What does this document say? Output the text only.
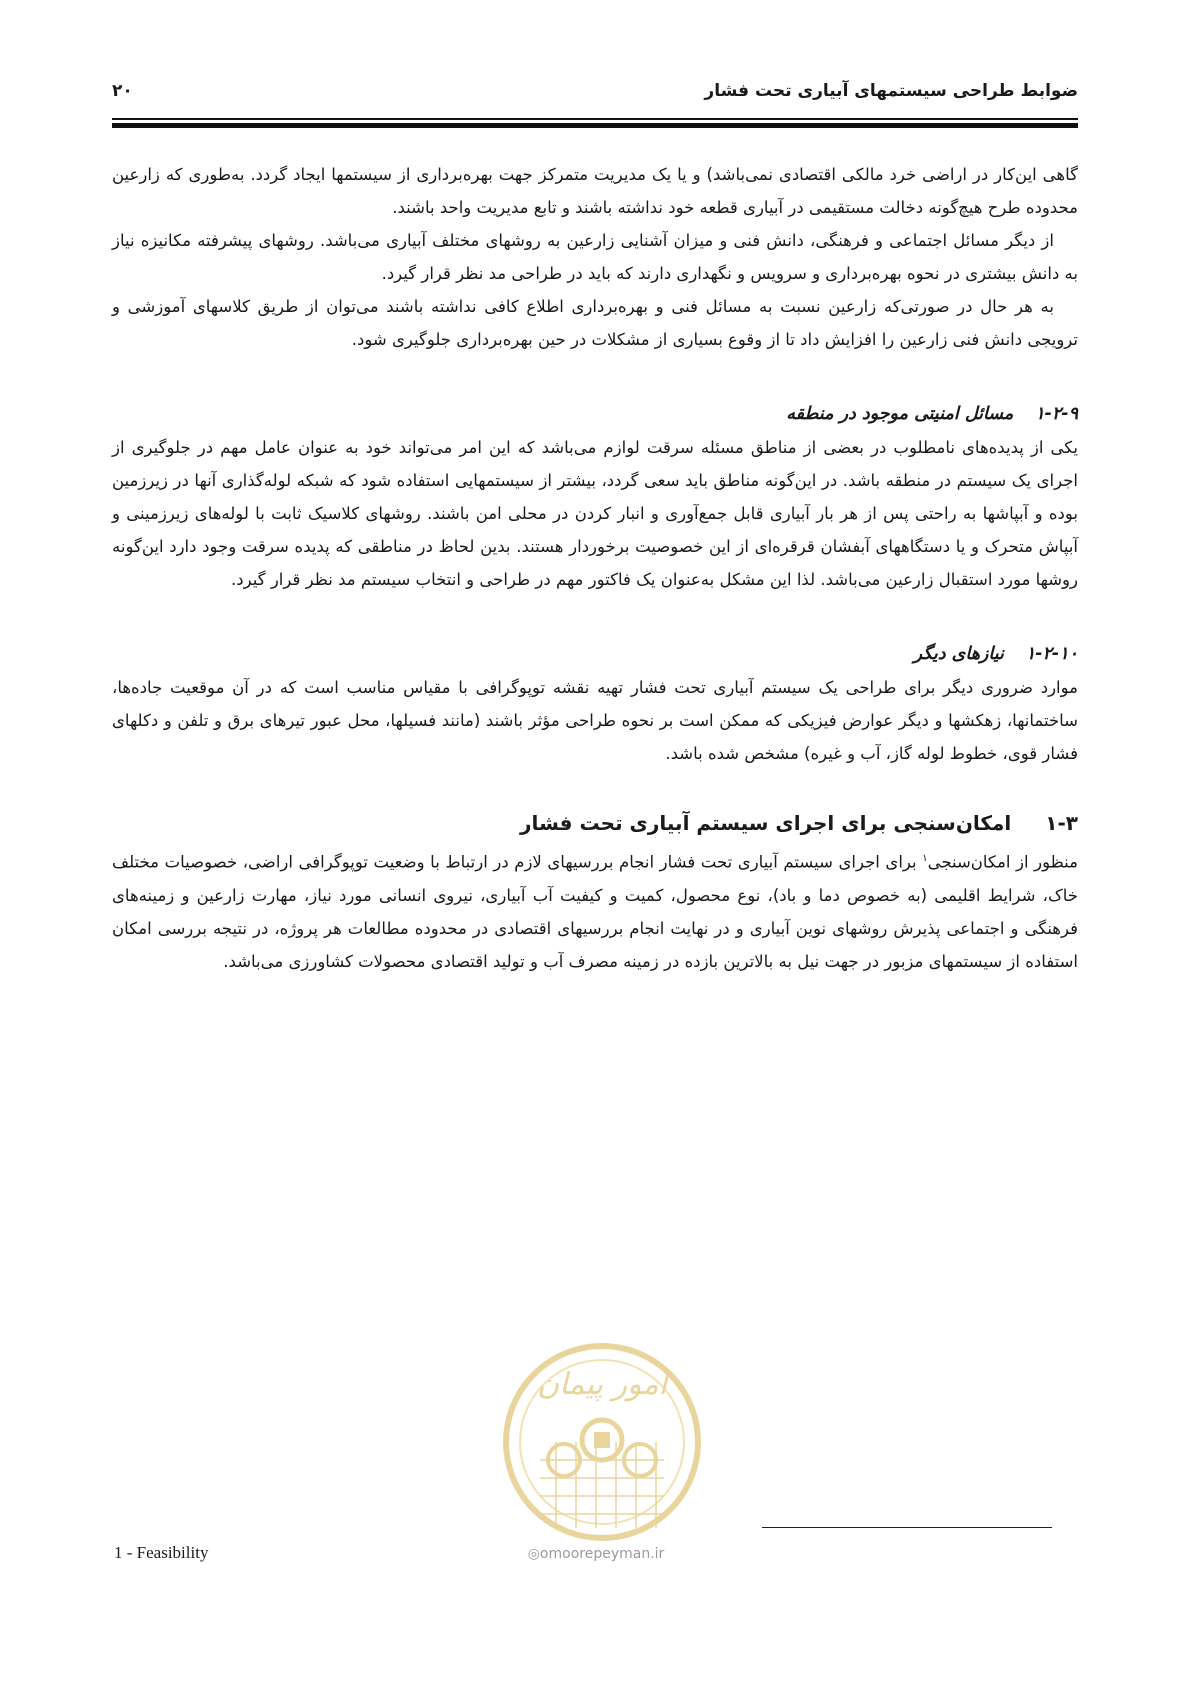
ضوابط طراحی سیستمهای آبیاری تحت فشار
۲۰

گاهی این‌کار در اراضی خرد مالکی اقتصادی نمی‌باشد) و یا یک مدیریت متمرکز جهت بهره‌برداری از سیستمها ایجاد گردد. به‌طوری که زارعین محدوده طرح هیچ‌گونه دخالت مستقیمی در آبیاری قطعه خود نداشته باشند و تابع مدیریت واحد باشند.

از دیگر مسائل اجتماعی و فرهنگی، دانش فنی و میزان آشنایی زارعین به روشهای مختلف آبیاری می‌باشد. روشهای پیشرفته مکانیزه نیاز به دانش بیشتری در نحوه بهره‌برداری و سرویس و نگهداری دارند که باید در طراحی مد نظر قرار گیرد.

به هر حال در صورتی‌که زارعین نسبت به مسائل فنی و بهره‌برداری اطلاع کافی نداشته باشند می‌توان از طریق کلاسهای آموزشی و ترویجی دانش فنی زارعین را افزایش داد تا از وقوع بسیاری از مشکلات در حین بهره‌برداری جلوگیری شود.

۱-۲-۹مسائل امنیتی موجود در منطقه

یکی از پدیده‌های نامطلوب در بعضی از مناطق مسئله سرقت لوازم می‌باشد که این امر می‌تواند خود به عنوان عامل مهم در جلوگیری از اجرای یک سیستم در منطقه باشد. در این‌گونه مناطق باید سعی گردد، بیشتر از سیستمهایی استفاده شود که شبکه لوله‌گذاری آنها در زیرزمین بوده و آبپاشها به راحتی پس از هر بار آبیاری قابل جمع‌آوری و انبار کردن در محلی امن باشند. روشهای کلاسیک ثابت با لوله‌های زیرزمینی و آبپاش متحرک و یا دستگاههای آبفشان قرقره‌ای از این خصوصیت برخوردار هستند. بدین لحاظ در مناطقی که پدیده سرقت وجود دارد این‌گونه روشها مورد استقبال زارعین می‌باشد. لذا این مشکل به‌عنوان یک فاکتور مهم در طراحی و انتخاب سیستم مد نظر قرار گیرد.

۱-۲-۱۰نیازهای دیگر

موارد ضروری دیگر برای طراحی یک سیستم آبیاری تحت فشار تهیه نقشه توپوگرافی با مقیاس مناسب است که در آن موقعیت جاده‌ها، ساختمانها، زهکشها و دیگر عوارض فیزیکی که ممکن است بر نحوه طراحی مؤثر باشند (مانند فسیلها، محل عبور تیرهای برق و تلفن و دکلهای فشار قوی، خطوط لوله گاز، آب و غیره) مشخص شده باشد.

۱-۳امکان‌سنجی برای اجرای سیستم آبیاری تحت فشار

منظور از امکان‌سنجی$^۱$ برای اجرای سیستم آبیاری تحت فشار انجام بررسیهای لازم در ارتباط با وضعیت توپوگرافی اراضی، خصوصیات مختلف خاک، شرایط اقلیمی (به خصوص دما و باد)، نوع محصول، کمیت و کیفیت آب آبیاری، نیروی انسانی مورد نیاز، مهارت زارعین و زمینه‌های فرهنگی و اجتماعی پذیرش روشهای نوین آبیاری و در نهایت انجام بررسیهای اقتصادی در محدوده مطالعات هر پروژه، در نتیجه بررسی امکان استفاده از سیستمهای مزبور در جهت نیل به بالاترین بازده در زمینه مصرف آب و تولید اقتصادی محصولات کشاورزی می‌باشد.

امور پیمان
◎omoorepeyman.ir
1 - Feasibility
